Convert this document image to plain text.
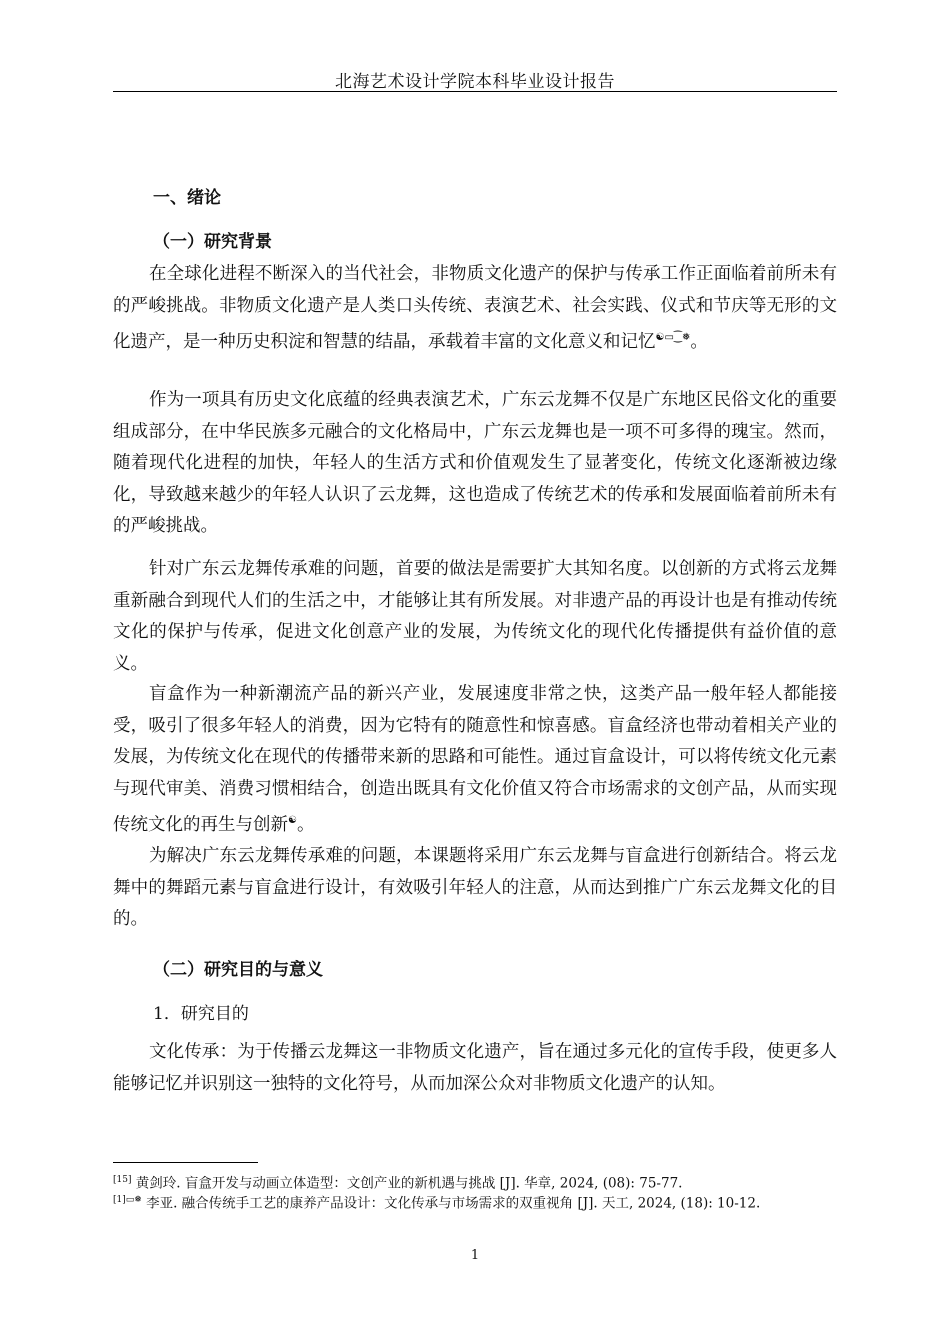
北海艺术设计学院本科毕业设计报告
一、绪论
（一）研究背景

在全球化进程不断深入的当代社会，非物质文化遗产的保护与传承工作正面临着前所未有的严峻挑战。非物质文化遗产是人类口头传统、表演艺术、社会实践、仪式和节庆等无形的文化遗产，是一种历史积淀和智慧的结晶，承载着丰富的文化意义和记忆☯▭⁐❅。

作为一项具有历史文化底蕴的经典表演艺术，广东云龙舞不仅是广东地区民俗文化的重要组成部分，在中华民族多元融合的文化格局中，广东云龙舞也是一项不可多得的瑰宝。然而，随着现代化进程的加快，年轻人的生活方式和价值观发生了显著变化，传统文化逐渐被边缘化，导致越来越少的年轻人认识了云龙舞，这也造成了传统艺术的传承和发展面临着前所未有的严峻挑战。

针对广东云龙舞传承难的问题，首要的做法是需要扩大其知名度。以创新的方式将云龙舞重新融合到现代人们的生活之中，才能够让其有所发展。对非遗产品的再设计也是有推动传统文化的保护与传承，促进文化创意产业的发展，为传统文化的现代化传播提供有益价值的意义。

盲盒作为一种新潮流产品的新兴产业，发展速度非常之快，这类产品一般年轻人都能接受，吸引了很多年轻人的消费，因为它特有的随意性和惊喜感。盲盒经济也带动着相关产业的发展，为传统文化在现代的传播带来新的思路和可能性。通过盲盒设计，可以将传统文化元素与现代审美、消费习惯相结合，创造出既具有文化价值又符合市场需求的文创产品，从而实现传统文化的再生与创新☯。

为解决广东云龙舞传承难的问题，本课题将采用广东云龙舞与盲盒进行创新结合。将云龙舞中的舞蹈元素与盲盒进行设计，有效吸引年轻人的注意，从而达到推广广东云龙舞文化的目的。

（二）研究目的与意义
1．研究目的

文化传承：为于传播云龙舞这一非物质文化遗产，旨在通过多元化的宣传手段，使更多人能够记忆并识别这一独特的文化符号，从而加深公众对非物质文化遗产的认知。

[15] 黄剑玲. 盲盒开发与动画立体造型：文创产业的新机遇与挑战 [J]. 华章, 2024, (08): 75-77.
$^{[1]▭❅}$ 李亚. 融合传统手工艺的康养产品设计：文化传承与市场需求的双重视角 [J]. 天工, 2024, (18): 10-12.
1
